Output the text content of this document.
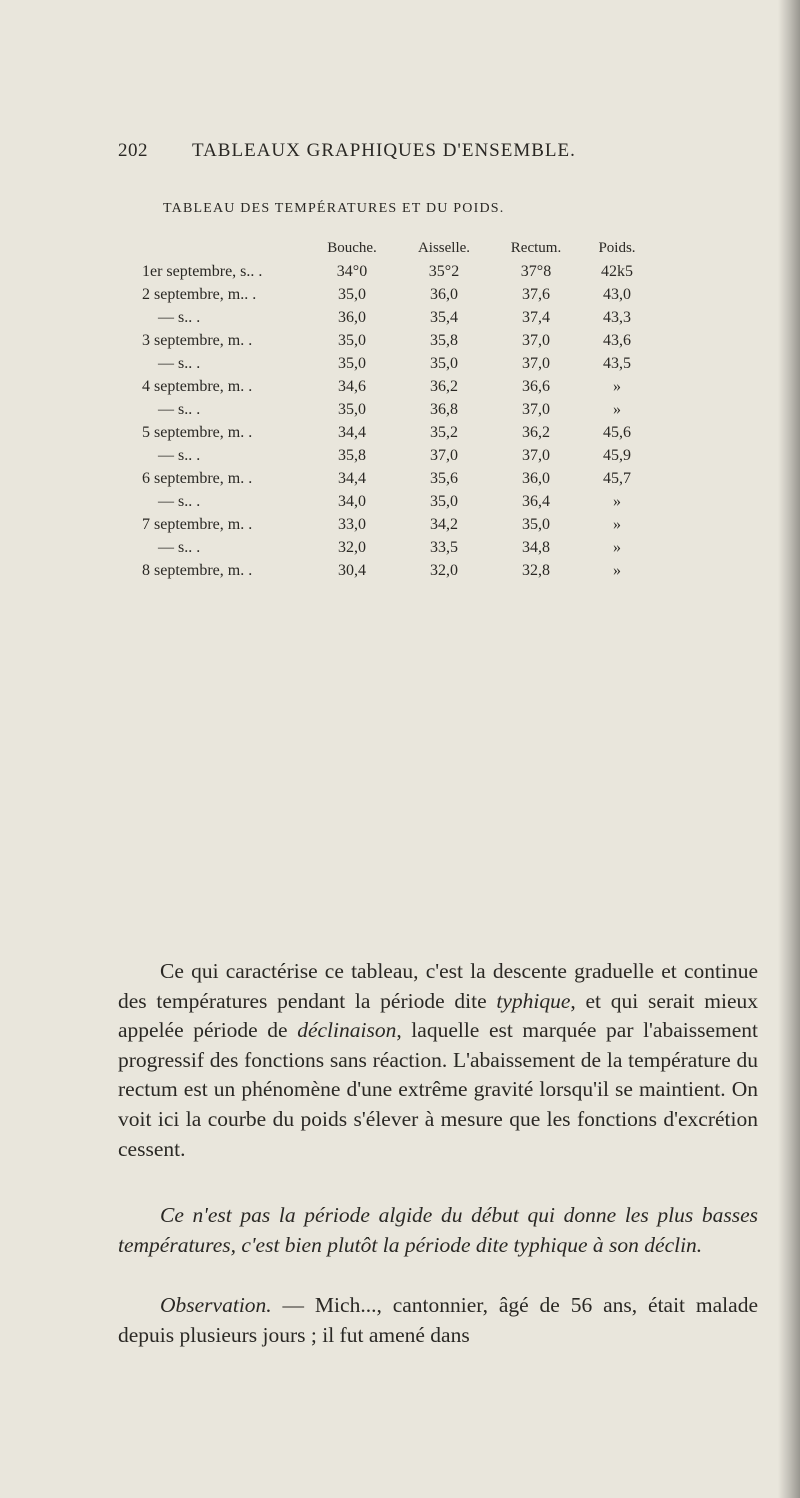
202 TABLEAUX GRAPHIQUES D'ENSEMBLE.
TABLEAU DES TEMPÉRATURES ET DU POIDS.
	Bouche.	Aisselle.	Rectum.	Poids.
1er septembre, s.. .	34°0	35°2	37°8	42k5
2 septembre, m.. .	35,0	36,0	37,6	43,0
— s.. .	36,0	35,4	37,4	43,3
3 septembre, m. .	35,0	35,8	37,0	43,6
— s.. .	35,0	35,0	37,0	43,5
4 septembre, m. .	34,6	36,2	36,6	»
— s.. .	35,0	36,8	37,0	»
5 septembre, m. .	34,4	35,2	36,2	45,6
— s.. .	35,8	37,0	37,0	45,9
6 septembre, m. .	34,4	35,6	36,0	45,7
— s.. .	34,0	35,0	36,4	»
7 septembre, m. .	33,0	34,2	35,0	»
— s.. .	32,0	33,5	34,8	»
8 septembre, m. .	30,4	32,0	32,8	»

Ce qui caractérise ce tableau, c'est la descente graduelle et continue des températures pendant la période dite typhique, et qui serait mieux appelée période de déclinaison, laquelle est marquée par l'abaissement progressif des fonctions sans réaction. L'abaissement de la température du rectum est un phénomène d'une extrême gravité lorsqu'il se maintient. On voit ici la courbe du poids s'élever à mesure que les fonctions d'excrétion cessent.

Ce n'est pas la période algide du début qui donne les plus basses températures, c'est bien plutôt la période dite typhique à son déclin.

Observation. — Mich..., cantonnier, âgé de 56 ans, était malade depuis plusieurs jours ; il fut amené dans
